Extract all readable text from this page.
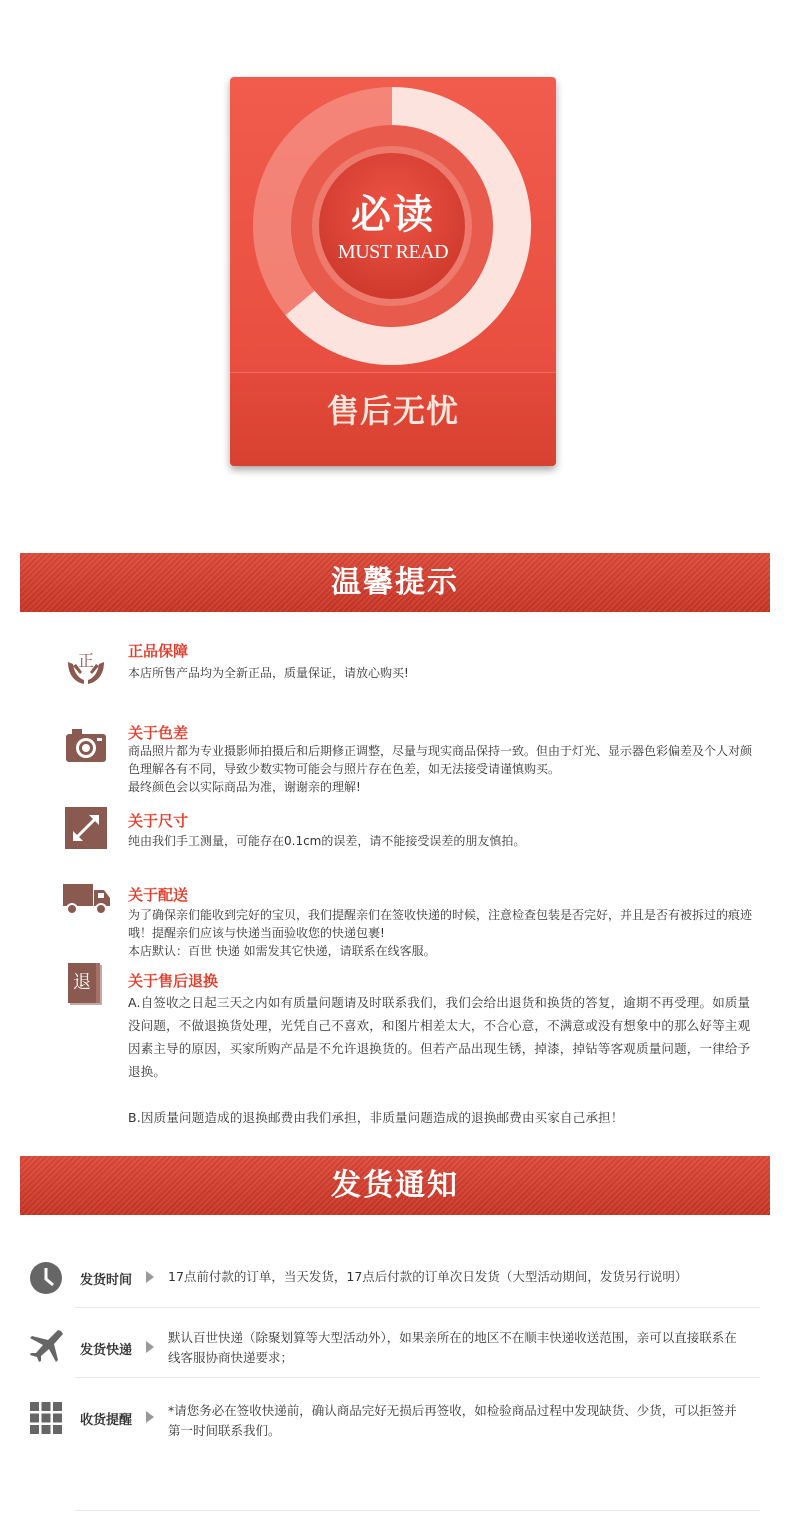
必读
MUST READ
售后无忧
温馨提示
正 正品保障
本店所售产品均为全新正品，质量保证，请放心购买!
关于色差
商品照片都为专业摄影师拍摄后和后期修正调整，尽量与现实商品保持一致。但由于灯光、显示器色彩偏差及个人对颜色理解各有不同，导致少数实物可能会与照片存在色差，如无法接受请谨慎购买。
最终颜色会以实际商品为准，谢谢亲的理解!
关于尺寸
纯由我们手工测量，可能存在0.1cm的误差，请不能接受误差的朋友慎拍。
关于配送
为了确保亲们能收到完好的宝贝，我们提醒亲们在签收快递的时候，注意检查包装是否完好，并且是否有被拆过的痕迹哦！提醒亲们应该与快递当面验收您的快递包裹!
本店默认：百世 快递 如需发其它快递，请联系在线客服。
退	关于售后退换
A.自签收之日起三天之内如有质量问题请及时联系我们，我们会给出退货和换货的答复，逾期不再受理。如质量没问题，不做退换货处理，光凭自己不喜欢，和图片相差太大，不合心意，不满意或没有想象中的那么好等主观因素主导的原因，买家所购产品是不允许退换货的。但若产品出现生锈，掉漆，掉钻等客观质量问题，一律给予退换。

B.因质量问题造成的退换邮费由我们承担，非质量问题造成的退换邮费由买家自己承担！
发货通知
发货时间	17点前付款的订单，当天发货，17点后付款的订单次日发货（大型活动期间，发货另行说明）
发货快递
默认百世快递（除聚划算等大型活动外），如果亲所在的地区不在顺丰快递收送范围，亲可以直接联系在线客服协商快递要求；
收货提醒
*请您务必在签收快递前，确认商品完好无损后再签收，如检验商品过程中发现缺货、少货，可以拒签并第一时间联系我们。
